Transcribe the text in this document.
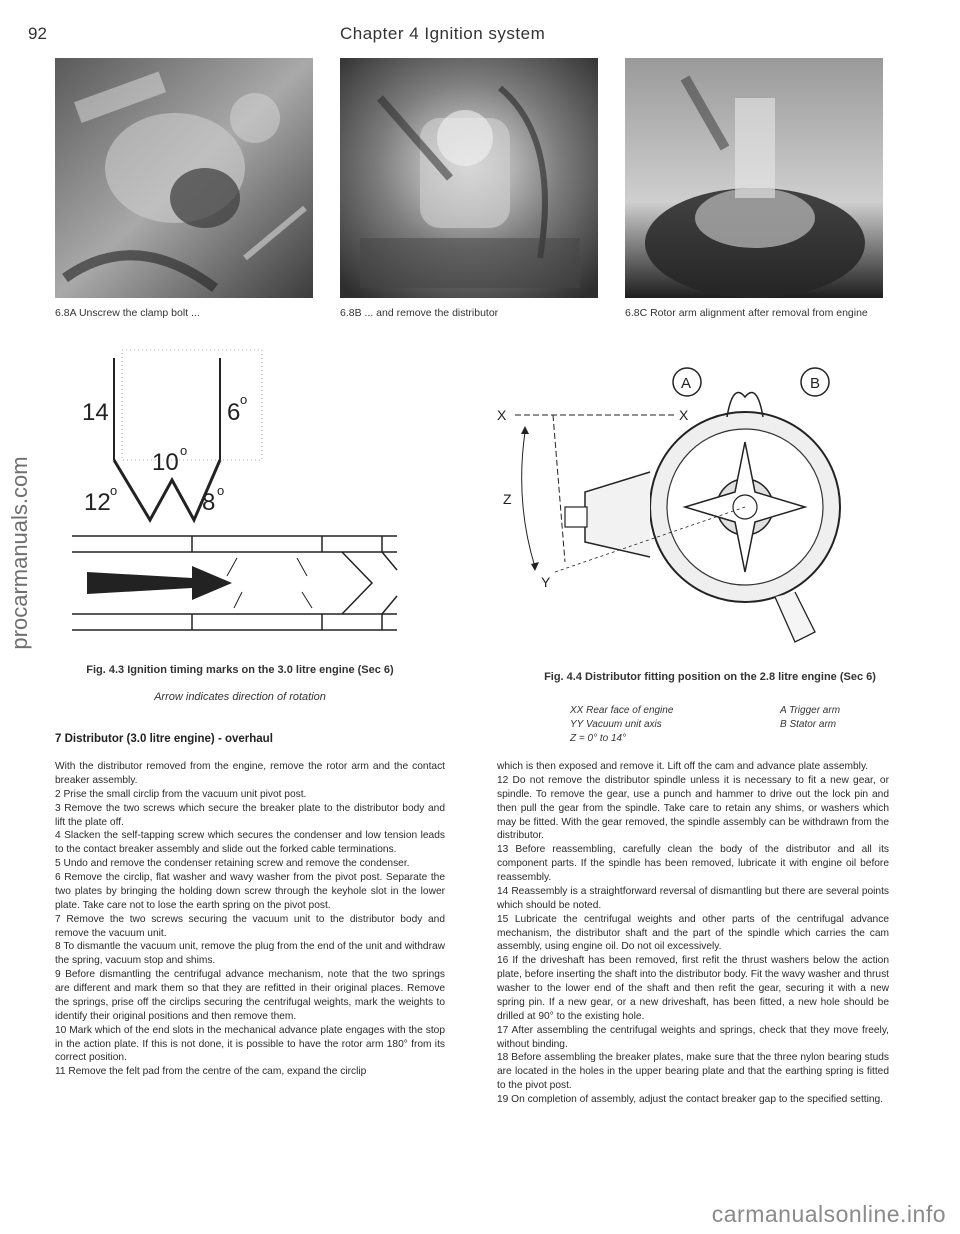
92	Chapter 4 Ignition system
procarmanuals.com
6.8A Unscrew the clamp bolt ...	6.8B ... and remove the distributor	6.8C Rotor arm alignment after removal from engine
14	6 o
10 o
12 o	8 o
Fig. 4.3 Ignition timing marks on the 3.0 litre engine (Sec 6)
Arrow indicates direction of rotation
X	X
Z
Y
A	B
Fig. 4.4 Distributor fitting position on the 2.8 litre engine (Sec 6)
XX Rear face of engine
YY Vacuum unit axis
Z = 0° to 14°
A Trigger arm
B Stator arm
7 Distributor (3.0 litre engine) - overhaul

With the distributor removed from the engine, remove the rotor arm and the contact breaker assembly.

2 Prise the small circlip from the vacuum unit pivot post.

3 Remove the two screws which secure the breaker plate to the distributor body and lift the plate off.

4 Slacken the self-tapping screw which secures the condenser and low tension leads to the contact breaker assembly and slide out the forked cable terminations.

5 Undo and remove the condenser retaining screw and remove the condenser.

6 Remove the circlip, flat washer and wavy washer from the pivot post. Separate the two plates by bringing the holding down screw through the keyhole slot in the lower plate. Take care not to lose the earth spring on the pivot post.

7 Remove the two screws securing the vacuum unit to the distributor body and remove the vacuum unit.

8 To dismantle the vacuum unit, remove the plug from the end of the unit and withdraw the spring, vacuum stop and shims.

9 Before dismantling the centrifugal advance mechanism, note that the two springs are different and mark them so that they are refitted in their original places. Remove the springs, prise off the circlips securing the centrifugal weights, mark the weights to identify their original positions and then remove them.

10 Mark which of the end slots in the mechanical advance plate engages with the stop in the action plate. If this is not done, it is possible to have the rotor arm 180° from its correct position.

11 Remove the felt pad from the centre of the cam, expand the circlip

which is then exposed and remove it. Lift off the cam and advance plate assembly.

12 Do not remove the distributor spindle unless it is necessary to fit a new gear, or spindle. To remove the gear, use a punch and hammer to drive out the lock pin and then pull the gear from the spindle. Take care to retain any shims, or washers which may be fitted. With the gear removed, the spindle assembly can be withdrawn from the distributor.

13 Before reassembling, carefully clean the body of the distributor and all its component parts. If the spindle has been removed, lubricate it with engine oil before reassembly.

14 Reassembly is a straightforward reversal of dismantling but there are several points which should be noted.

15 Lubricate the centrifugal weights and other parts of the centrifugal advance mechanism, the distributor shaft and the part of the spindle which carries the cam assembly, using engine oil. Do not oil excessively.

16 If the driveshaft has been removed, first refit the thrust washers below the action plate, before inserting the shaft into the distributor body. Fit the wavy washer and thrust washer to the lower end of the shaft and then refit the gear, securing it with a new spring pin. If a new gear, or a new driveshaft, has been fitted, a new hole should be drilled at 90° to the existing hole.

17 After assembling the centrifugal weights and springs, check that they move freely, without binding.

18 Before assembling the breaker plates, make sure that the three nylon bearing studs are located in the holes in the upper bearing plate and that the earthing spring is fitted to the pivot post.

19 On completion of assembly, adjust the contact breaker gap to the specified setting.

carmanualsonline.info
